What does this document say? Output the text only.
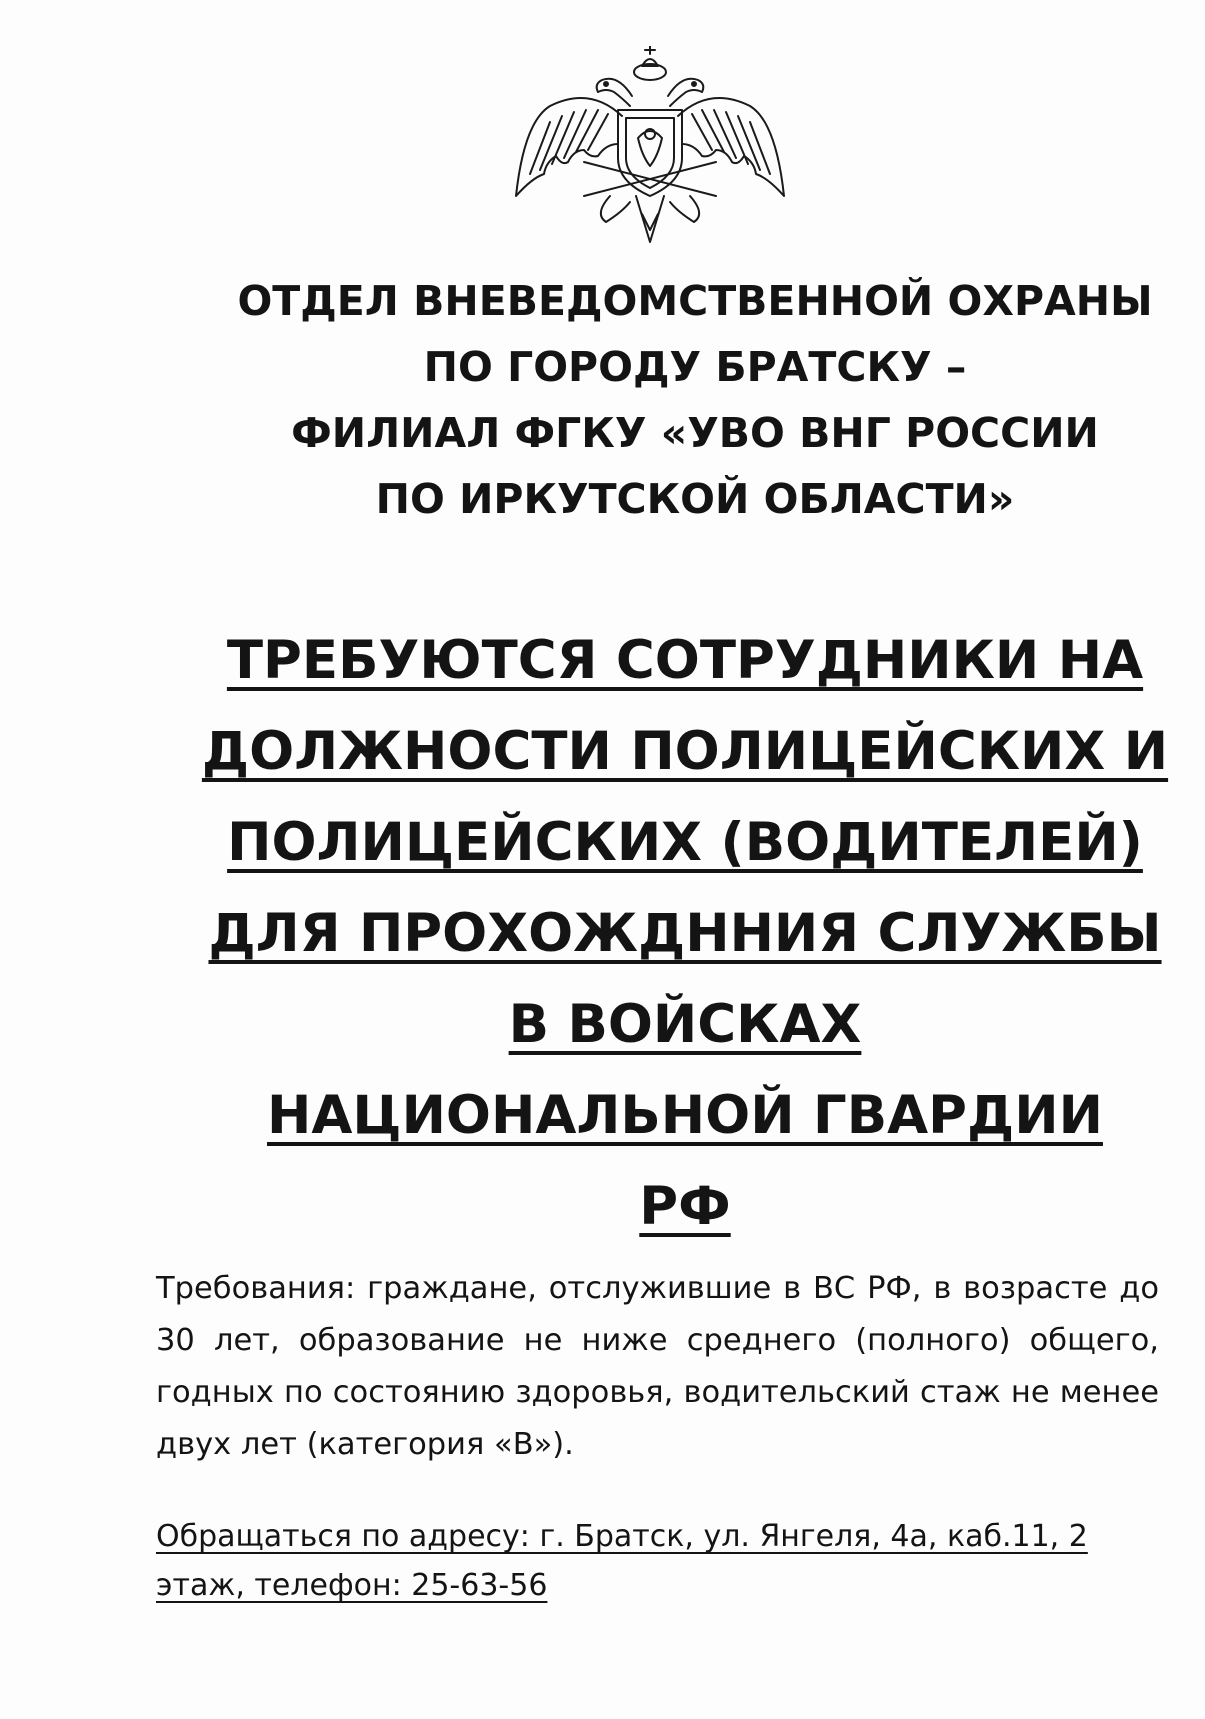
ОТДЕЛ ВНЕВЕДОМСТВЕННОЙ ОХРАНЫ
ПО ГОРОДУ БРАТСКУ –
ФИЛИАЛ ФГКУ «УВО ВНГ РОССИИ
ПО ИРКУТСКОЙ ОБЛАСТИ»
ТРЕБУЮТСЯ СОТРУДНИКИ НА
ДОЛЖНОСТИ ПОЛИЦЕЙСКИХ И
ПОЛИЦЕЙСКИХ (ВОДИТЕЛЕЙ)
ДЛЯ ПРОХОЖДННИЯ СЛУЖБЫ
В ВОЙСКАХ
НАЦИОНАЛЬНОЙ ГВАРДИИ
РФ

Требования: граждане, отслужившие в ВС РФ, в возрасте до 30 лет, образование не ниже среднего (полного) общего, годных по состоянию здоровья, водительский стаж не менее двух лет (категория «В»).

Обращаться по адресу: г. Братск, ул. Янгеля, 4а, каб.11, 2 этаж, телефон: 25-63-56
